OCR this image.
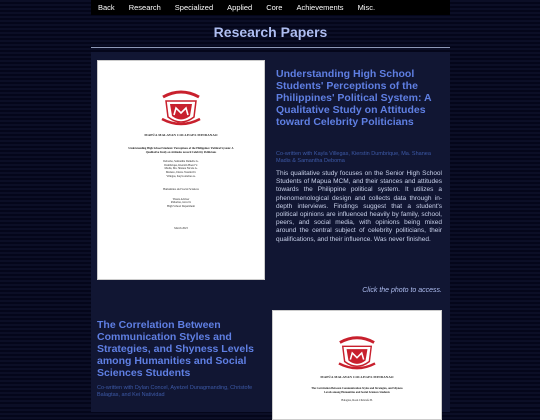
Back	Research	Specialized	Applied	Core	Achievements	Misc.
Research Papers
MAPÚA MALAYAN COLLEGES MINDANAO
Understanding High School Students' Perceptions of the Philippines' Political System: A
Qualitative Study on Attitudes toward Celebrity Politicians
Deboma, Samantha Danielle G.
Dumbrique, Kierstin Hazel V.
Madis, Ma. Shanea Nicole A.
Mutiero, Durzo Vassilei D.
Villegas, Kayla Andrea A.
Humanities and Social Sciences
Thesis Adviser
Pallorina, Jerra D.
High School Department
March 2023
Understanding High School Students' Perceptions of the Philippines' Political System: A Qualitative Study on Attitudes toward Celebrity Politicians
Co-written with Kayla Villegas, Kierstin Dumbrique, Ma. Shanea Madis & Samantha Deboma
This qualitative study focuses on the Senior High School Students of Mapua MCM, and their stances and attitudes towards the Philippine political system. It utilizes a phenomenological design and collects data through in-depth interviews. Findings suggest that a student's political opinions are influenced heavily by family, school, peers, and social media, with opinions being mixed around the central subject of celebrity politicians, their qualifications, and their influence. Was never finished.
Click the photo to access.
The Correlation Between Communication Styles and Strategies, and Shyness Levels among Humanities and Social Sciences Students
Co-written with Dylan Concel, Ayetzel Dunagmanding, Christofe Balagtas, and Kei Natividad
MAPÚA MALAYAN COLLEGES MINDANAO
The Correlation Between Communication Styles and Strategies, and Shyness
Levels among Humanities and Social Sciences Students
Balagtas, Roan Christofe B.
